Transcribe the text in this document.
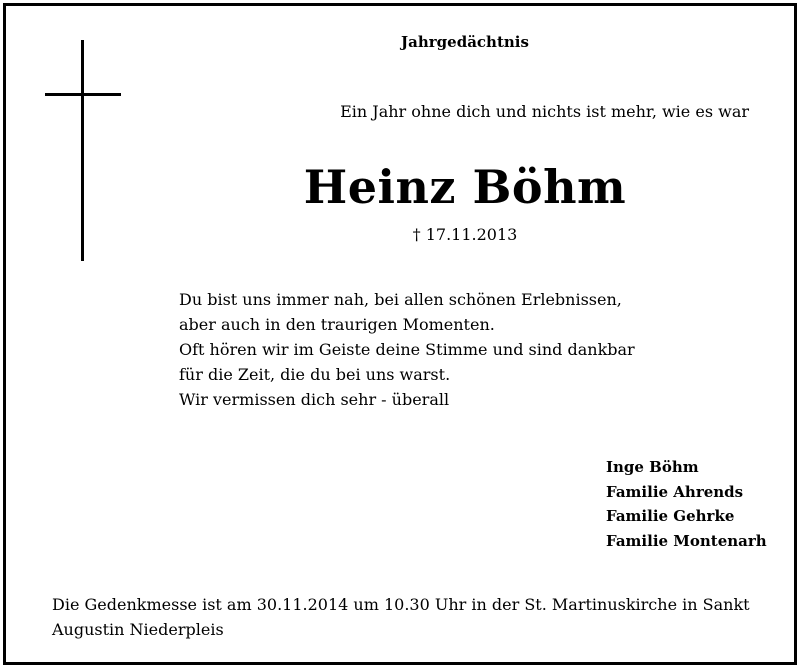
Jahrgedächtnis
Ein Jahr ohne dich und nichts ist mehr, wie es war
Heinz Böhm
† 17.11.2013
Du bist uns immer nah, bei allen schönen Erlebnissen,
aber auch in den traurigen Momenten.
Oft hören wir im Geiste deine Stimme und sind dankbar
für die Zeit, die du bei uns warst.
Wir vermissen dich sehr - überall
Inge Böhm
Familie Ahrends
Familie Gehrke
Familie Montenarh
Die Gedenkmesse ist am 30.11.2014 um 10.30 Uhr in der St. Martinuskirche in Sankt Augustin Niederpleis
